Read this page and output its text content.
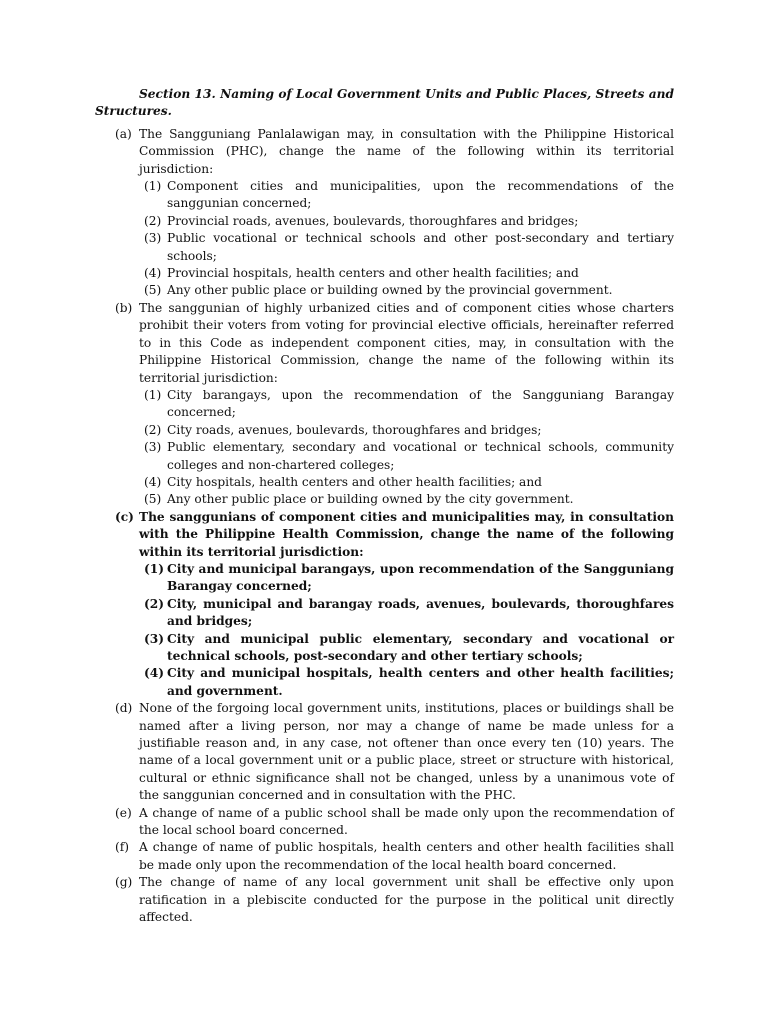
Section 13. Naming of Local Government Units and Public Places, Streets and Structures.

(a) The Sangguniang Panlalawigan may, in consultation with the Philippine Historical Commission (PHC), change the name of the following within its territorial jurisdiction:
(1) Component cities and municipalities, upon the recommendations of the sanggunian concerned;
(2) Provincial roads, avenues, boulevards, thoroughfares and bridges;
(3) Public vocational or technical schools and other post-secondary and tertiary schools;
(4) Provincial hospitals, health centers and other health facilities; and
(5) Any other public place or building owned by the provincial government.
(b) The sanggunian of highly urbanized cities and of component cities whose charters prohibit their voters from voting for provincial elective officials, hereinafter referred to in this Code as independent component cities, may, in consultation with the Philippine Historical Commission, change the name of the following within its territorial jurisdiction:
(1) City barangays, upon the recommendation of the Sangguniang Barangay concerned;
(2) City roads, avenues, boulevards, thoroughfares and bridges;
(3) Public elementary, secondary and vocational or technical schools, community colleges and non-chartered colleges;
(4) City hospitals, health centers and other health facilities; and
(5) Any other public place or building owned by the city government.
(c) The sanggunians of component cities and municipalities may, in consultation with the Philippine Health Commission, change the name of the following within its territorial jurisdiction:
(1) City and municipal barangays, upon recommendation of the Sangguniang Barangay concerned;
(2) City, municipal and barangay roads, avenues, boulevards, thoroughfares and bridges;
(3) City and municipal public elementary, secondary and vocational or technical schools, post-secondary and other tertiary schools;
(4) City and municipal hospitals, health centers and other health facilities; and government.
(d) None of the forgoing local government units, institutions, places or buildings shall be named after a living person, nor may a change of name be made unless for a justifiable reason and, in any case, not oftener than once every ten (10) years. The name of a local government unit or a public place, street or structure with historical, cultural or ethnic significance shall not be changed, unless by a unanimous vote of the sanggunian concerned and in consultation with the PHC.
(e) A change of name of a public school shall be made only upon the recommendation of the local school board concerned.
(f) A change of name of public hospitals, health centers and other health facilities shall be made only upon the recommendation of the local health board concerned.
(g) The change of name of any local government unit shall be effective only upon ratification in a plebiscite conducted for the purpose in the political unit directly affected.
